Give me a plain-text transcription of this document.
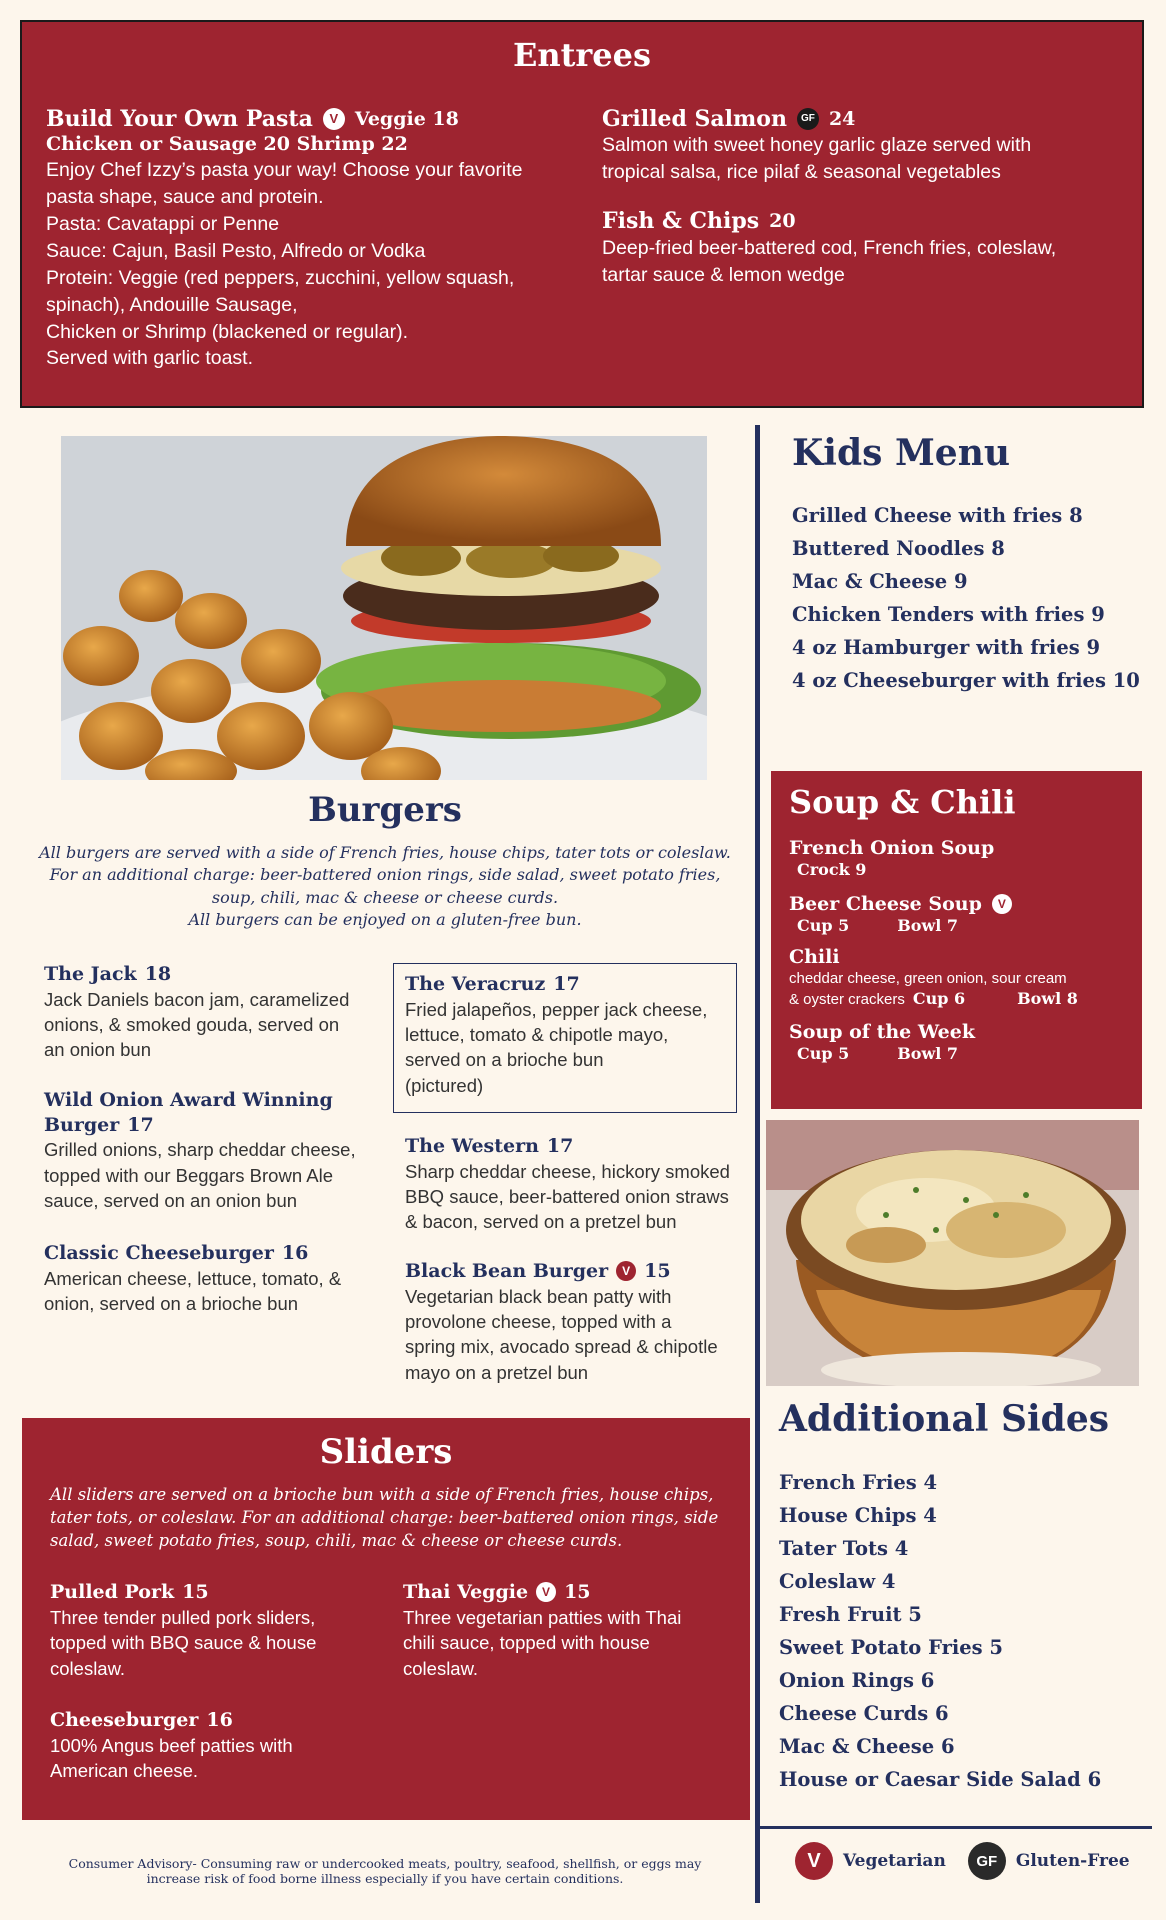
Entrees
Build Your Own Pasta	V Veggie 18
Chicken or Sausage 20 Shrimp 22
Enjoy Chef Izzy’s pasta your way! Choose your favorite
pasta shape, sauce and protein.
Pasta: Cavatappi or Penne
Sauce: Cajun, Basil Pesto, Alfredo or Vodka
Protein: Veggie (red peppers, zucchini, yellow squash,
spinach), Andouille Sausage,
Chicken or Shrimp (blackened or regular).
Served with garlic toast.
Grilled Salmon	GF 24
Salmon with sweet honey garlic glaze served with
tropical salsa, rice pilaf & seasonal vegetables
Fish & Chips 20
Deep-fried beer-battered cod, French fries, coleslaw,
tartar sauce & lemon wedge
Burgers
All burgers are served with a side of French fries, house chips, tater tots or coleslaw.
For an additional charge: beer-battered onion rings, side salad, sweet potato fries,
soup, chili, mac & cheese or cheese curds.
All burgers can be enjoyed on a gluten-free bun.
The Jack 18
Jack Daniels bacon jam, caramelized
onions, & smoked gouda, served on
an onion bun
Wild Onion Award Winning
Burger 17
Grilled onions, sharp cheddar cheese,
topped with our Beggars Brown Ale
sauce, served on an onion bun
Classic Cheeseburger 16
American cheese, lettuce, tomato, &
onion, served on a brioche bun
The Veracruz 17
Fried jalapeños, pepper jack cheese,
lettuce, tomato & chipotle mayo,
served on a brioche bun
(pictured)
The Western 17
Sharp cheddar cheese, hickory smoked
BBQ sauce, beer-battered onion straws
& bacon, served on a pretzel bun
Black Bean Burger	V 15
Vegetarian black bean patty with
provolone cheese, topped with a
spring mix, avocado spread & chipotle
mayo on a pretzel bun
Sliders
All sliders are served on a brioche bun with a side of French fries, house chips,
tater tots, or coleslaw. For an additional charge: beer-battered onion rings, side
salad, sweet potato fries, soup, chili, mac & cheese or cheese curds.
Pulled Pork 15
Three tender pulled pork sliders,
topped with BBQ sauce & house
coleslaw.
Thai Veggie	V 15
Three vegetarian patties with Thai
chili sauce, topped with house
coleslaw.
Cheeseburger 16
100% Angus beef patties with
American cheese.
Consumer Advisory- Consuming raw or undercooked meats, poultry, seafood, shellfish, or eggs may
increase risk of food borne illness especially if you have certain conditions.
Kids Menu
Grilled Cheese with fries 8
Buttered Noodles 8
Mac & Cheese 9
Chicken Tenders with fries 9
4 oz Hamburger with fries 9
4 oz Cheeseburger with fries 10
Soup & Chili
French Onion Soup
Crock 9
Beer Cheese Soup	V
Cup 5	Bowl 7
Chili
cheddar cheese, green onion, sour cream
& oyster crackers Cup 6	Bowl 8
Soup of the Week
Cup 5	Bowl 7
Additional Sides
French Fries 4
House Chips 4
Tater Tots 4
Coleslaw 4
Fresh Fruit 5
Sweet Potato Fries 5
Onion Rings 6
Cheese Curds 6
Mac & Cheese 6
House or Caesar Side Salad 6
V	Vegetarian	GF	Gluten-Free
